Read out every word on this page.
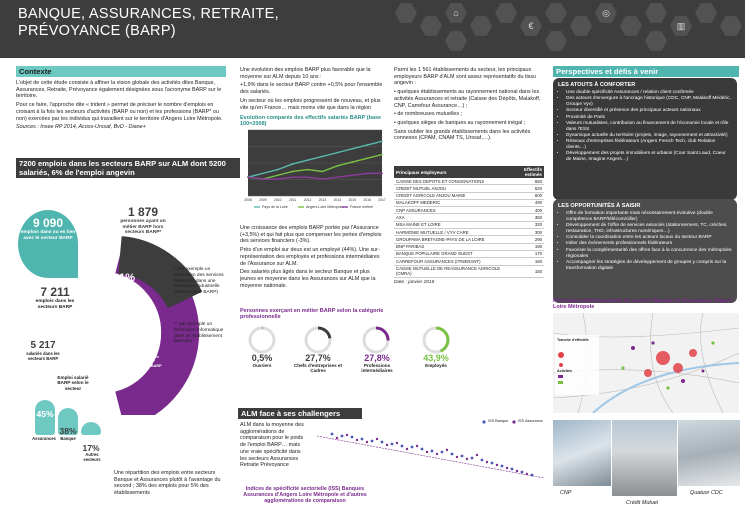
⌂
€
◎
▥
BANQUE, ASSURANCES, RETRAITE,
PRÉVOYANCE (BARP)
Contexte

L'objet de cette étude consiste à affiner la vision globale des activités dites Banque, Assurances, Retraite, Prévoyance également désignées sous l'acronyme BARP sur le territoire.

Pour ce faire, l'approche dite « trident » permet de préciser le nombre d'emplois en croisant à la fois les secteurs d'activités (BARP ou non) et les professions (BARP* ou non) exercées par les individus qui travaillent sur le territoire d'Angers Loire Métropole.

Sources : Insee RP 2014, Acoss-Urssaf, BvD - Diane+

7200 emplois dans les secteurs BARP sur ALM dont 5200 salariés, 6% de l'emploi angevin
9 090
emplois dans ou en lien avec le secteur BARP
1 879
personnes ayant un métier BARP hors secteurs BARP*
21%
31%
2 567 emplois liés aux métiers BARP
48%
4 354 personnes ayant un métier non BARP dans les secteurs BARP
* par exemple un technicien des services financiers dans une entreprise industrielle (hors secteur BARP)
** par exemple un technicien informatique dans un établissement bancaire
7 211
emplois dans les secteurs BARP
5 217
salariés dans les secteurs BARP
Emploi salarié BARP selon le secteur
45%
38%
17%
Assurances	Banque
Autres secteurs
Une répartition des emplois entre secteurs Banque et Assurances plutôt à l'avantage du second ; 38% des emplois pour 5% des établissements

Une évolution des emplois BARP plus favorable que la moyenne sur ALM depuis 10 ans :

+1,9% dans le secteur BARP contre +0,5% pour l'ensemble des salariés.

Un secteur où les emplois progressent de nouveau, et plus vite qu'en France… mais moins vite que dans la région

Evolution comparée des effectifs salariés BARP (base 100=2008)
2008 2009 2010 2011 2012 2013 2014 2015 2016 2017
Pays de la Loire	Angers Loire Métropole France entière

Une croissance des emplois BARP portée par l'Assurance (+3,5%) et qui fait plus que compenser les pertes d'emplois des services financiers (-3%).

Près d'un emploi sur deux est un employé (44%). Une sur-représentation des employés et professions intermédiaires de l'Assurance sur ALM.

Des salariés plus âgés dans le secteur Banque et plus jeunes en moyenne dans les Assurances sur ALM que la moyenne nationale.

Personnes exerçant en métier BARP selon la catégorie professionnelle
0,5%
Ouvriers
27,7%
Chefs d'entreprises et Cadres
27,8%
Professions intermédiaires
43,9%
Employés
ALM face à ses challengers
ALM dans la moyenne des agglomérations de comparaison pour le poids de l'emploi BARP… mais une vraie spécificité dans les secteurs Assurances Retraite Prévoyance
ISS Banque	ISS Assurance
Indices de spécificité sectorielle (ISS) Banques Assurances d'Angers Loire Métropole et d'autres agglomérations de comparaison

Parmi les 1 561 établissements du secteur, les principaux employeurs BARP d'ALM sont assez représentatifs du tissu angevin :

• quelques établissements au rayonnement national dans les activités Assurances et retraite (Caisse des Dépôts, Malakoff, CNP, Carrefour Assurance…) ;

• de nombreuses mutuelles ;

• quelques sièges de banques au rayonnement inégal ;

Sans oublier les grands établissements dans les activités connexes (CPAM, CNAM TS, Urssaf,…).

Principaux employeurs	Effectifs estimés
CAISSE DES DEPOTS ET CONSIGNATIONS	650
CREDIT MUTUEL ANJOU	620
CREDIT AGRICOLE ANJOU MAINE	600
MALAKOFF MEDERIC	490
CNP ASSURANCES	400
AXA	350
MSA MAINE ET LOIRE	320
HARMONIE MUTUELLE / VYV CARE	300
GROUPAMA BRETAGNE-PAYS DE LA LOIRE	290
BNP PARIBAS	190
BANQUE POPULAIRE GRAND OUEST	170
CARREFOUR ASSURANCES (ITINERANT)	160
CAISSE MUTUELLE DE REASSURANCE AGRICOLE (CMRA)	150
Date : janvier 2018
Perspectives et défis à venir
LES ATOUTS À CONFORTER
• Une double spécificité Assurances / relation client confirmée
• Des acteurs d'envergure à l'ancrage historique (CDC, CNP, Malakoff Médéric, Groupe Vyv)
• Secteur diversifié et présence des principaux acteurs nationaux
• Proximité de Paris
• Valeurs mutualistes, contribution au financement de l'économie locale et rôle dans l'ESS
• Dynamique actuelle du territoire (projets, image, rayonnement et attractivité)
• Réseaux d'entreprises fédérateurs (Angers French Tech, club Relation clients…)
• Développement des projets immobiliers et urbains (Cour Saint Laud, Coeur de Maine, Imagine Angers…)
LES OPPORTUNITÉS À SAISIR
• Offre de formation importante mais nécessairement évolutive (double compétence BARP/télécom/ciller)
• Développement de l'offre de services associés (stationnement, TC, crèches, restauration, THD, infrastructures numériques…)
• Consolider la coordination entre les acteurs locaux du secteur BARP
• Initier des évènements professionnels fédérateurs
• Favoriser la complémentarité des offres face à la concurrence des métropoles régionales
• Accompagner les stratégies de développement de groupes y compris sur la transformation digitale
Principaux établissements du secteur Banque et Assurances Angers Loire Métropole
Tranche d'effectifs
Activités
CNP	Quatuor CDC
Crédit Mutuel
